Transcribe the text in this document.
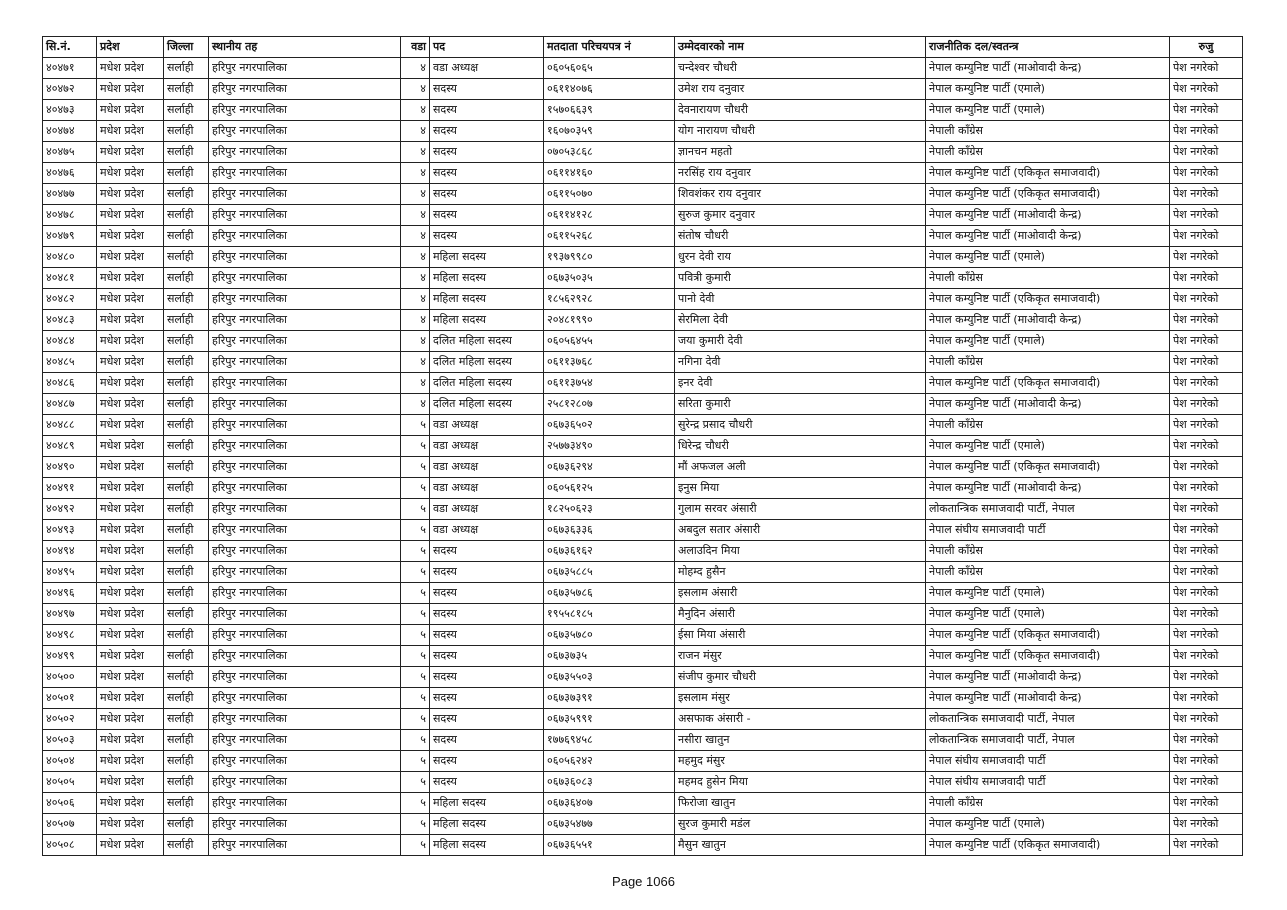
सि.नं.	प्रदेश	जिल्ला	स्थानीय तह	वडा	पद	मतदाता परिचयपत्र नं	उम्मेदवारको नाम	राजनीतिक दल/स्वतन्त्र	रुजु
४०४७१	मधेश प्रदेश	सर्लाही	हरिपुर नगरपालिका	४	वडा अध्यक्ष	०६०५६०६५	चन्देश्वर चौधरी	नेपाल कम्युनिष्ट पार्टी (माओवादी केन्द्र)	पेश नगरेको
४०४७२	मधेश प्रदेश	सर्लाही	हरिपुर नगरपालिका	४	सदस्य	०६११४०७६	उमेश राय दनुवार	नेपाल कम्युनिष्ट पार्टी (एमाले)	पेश नगरेको
४०४७३	मधेश प्रदेश	सर्लाही	हरिपुर नगरपालिका	४	सदस्य	१५७०६६३९	देवनारायण चौधरी	नेपाल कम्युनिष्ट पार्टी (एमाले)	पेश नगरेको
४०४७४	मधेश प्रदेश	सर्लाही	हरिपुर नगरपालिका	४	सदस्य	१६०७०३५९	योग नारायण चौधरी	नेपाली काँग्रेस	पेश नगरेको
४०४७५	मधेश प्रदेश	सर्लाही	हरिपुर नगरपालिका	४	सदस्य	०७०५३८६८	ज्ञानचन महतो	नेपाली काँग्रेस	पेश नगरेको
४०४७६	मधेश प्रदेश	सर्लाही	हरिपुर नगरपालिका	४	सदस्य	०६११४१६०	नरसिंह राय दनुवार	नेपाल कम्युनिष्ट पार्टी (एकिकृत समाजवादी)	पेश नगरेको
४०४७७	मधेश प्रदेश	सर्लाही	हरिपुर नगरपालिका	४	सदस्य	०६११५०७०	शिवशंकर राय दनुवार	नेपाल कम्युनिष्ट पार्टी (एकिकृत समाजवादी)	पेश नगरेको
४०४७८	मधेश प्रदेश	सर्लाही	हरिपुर नगरपालिका	४	सदस्य	०६११४१२८	सुरुज कुमार दनुवार	नेपाल कम्युनिष्ट पार्टी (माओवादी केन्द्र)	पेश नगरेको
४०४७९	मधेश प्रदेश	सर्लाही	हरिपुर नगरपालिका	४	सदस्य	०६११५२६८	संतोष चौधरी	नेपाल कम्युनिष्ट पार्टी (माओवादी केन्द्र)	पेश नगरेको
४०४८०	मधेश प्रदेश	सर्लाही	हरिपुर नगरपालिका	४	महिला सदस्य	१९३७९९८०	धुरन देवी राय	नेपाल कम्युनिष्ट पार्टी (एमाले)	पेश नगरेको
४०४८१	मधेश प्रदेश	सर्लाही	हरिपुर नगरपालिका	४	महिला सदस्य	०६७३५०३५	पवित्री कुमारी	नेपाली काँग्रेस	पेश नगरेको
४०४८२	मधेश प्रदेश	सर्लाही	हरिपुर नगरपालिका	४	महिला सदस्य	१८५६२९२८	पानो देवी	नेपाल कम्युनिष्ट पार्टी (एकिकृत समाजवादी)	पेश नगरेको
४०४८३	मधेश प्रदेश	सर्लाही	हरिपुर नगरपालिका	४	महिला सदस्य	२०४८१९९०	सेरमिला देवी	नेपाल कम्युनिष्ट पार्टी (माओवादी केन्द्र)	पेश नगरेको
४०४८४	मधेश प्रदेश	सर्लाही	हरिपुर नगरपालिका	४	दलित महिला सदस्य	०६०५६४५५	जया कुमारी देवी	नेपाल कम्युनिष्ट पार्टी (एमाले)	पेश नगरेको
४०४८५	मधेश प्रदेश	सर्लाही	हरिपुर नगरपालिका	४	दलित महिला सदस्य	०६११३७६८	नगिना देवी	नेपाली काँग्रेस	पेश नगरेको
४०४८६	मधेश प्रदेश	सर्लाही	हरिपुर नगरपालिका	४	दलित महिला सदस्य	०६११३७५४	इनर देवी	नेपाल कम्युनिष्ट पार्टी (एकिकृत समाजवादी)	पेश नगरेको
४०४८७	मधेश प्रदेश	सर्लाही	हरिपुर नगरपालिका	४	दलित महिला सदस्य	२५८१२८०७	सरिता कुमारी	नेपाल कम्युनिष्ट पार्टी (माओवादी केन्द्र)	पेश नगरेको
४०४८८	मधेश प्रदेश	सर्लाही	हरिपुर नगरपालिका	५	वडा अध्यक्ष	०६७३६५०२	सुरेन्द्र प्रसाद चौधरी	नेपाली काँग्रेस	पेश नगरेको
४०४८९	मधेश प्रदेश	सर्लाही	हरिपुर नगरपालिका	५	वडा अध्यक्ष	२५७७३४९०	धिरेन्द्र चौधरी	नेपाल कम्युनिष्ट पार्टी (एमाले)	पेश नगरेको
४०४९०	मधेश प्रदेश	सर्लाही	हरिपुर नगरपालिका	५	वडा अध्यक्ष	०६७३६२९४	मौं अफजल अली	नेपाल कम्युनिष्ट पार्टी (एकिकृत समाजवादी)	पेश नगरेको
४०४९१	मधेश प्रदेश	सर्लाही	हरिपुर नगरपालिका	५	वडा अध्यक्ष	०६०५६१२५	इनुस मिया	नेपाल कम्युनिष्ट पार्टी (माओवादी केन्द्र)	पेश नगरेको
४०४९२	मधेश प्रदेश	सर्लाही	हरिपुर नगरपालिका	५	वडा अध्यक्ष	१८२५०६२३	गुलाम सरवर अंसारी	लोकतान्त्रिक समाजवादी पार्टी, नेपाल	पेश नगरेको
४०४९३	मधेश प्रदेश	सर्लाही	हरिपुर नगरपालिका	५	वडा अध्यक्ष	०६७३६३३६	अबदुल सतार अंसारी	नेपाल संघीय समाजवादी पार्टी	पेश नगरेको
४०४९४	मधेश प्रदेश	सर्लाही	हरिपुर नगरपालिका	५	सदस्य	०६७३६१६२	अलाउदिन मिया	नेपाली काँग्रेस	पेश नगरेको
४०४९५	मधेश प्रदेश	सर्लाही	हरिपुर नगरपालिका	५	सदस्य	०६७३५८८५	मोहम्द हुसैन	नेपाली काँग्रेस	पेश नगरेको
४०४९६	मधेश प्रदेश	सर्लाही	हरिपुर नगरपालिका	५	सदस्य	०६७३५७८६	इसलाम अंसारी	नेपाल कम्युनिष्ट पार्टी (एमाले)	पेश नगरेको
४०४९७	मधेश प्रदेश	सर्लाही	हरिपुर नगरपालिका	५	सदस्य	१९५५८१८५	मैनुदिन अंसारी	नेपाल कम्युनिष्ट पार्टी (एमाले)	पेश नगरेको
४०४९८	मधेश प्रदेश	सर्लाही	हरिपुर नगरपालिका	५	सदस्य	०६७३५७८०	ईसा मिया अंसारी	नेपाल कम्युनिष्ट पार्टी (एकिकृत समाजवादी)	पेश नगरेको
४०४९९	मधेश प्रदेश	सर्लाही	हरिपुर नगरपालिका	५	सदस्य	०६७३७३५	राजन मंसुर	नेपाल कम्युनिष्ट पार्टी (एकिकृत समाजवादी)	पेश नगरेको
४०५००	मधेश प्रदेश	सर्लाही	हरिपुर नगरपालिका	५	सदस्य	०६७३५५०३	संजीप कुमार चौधरी	नेपाल कम्युनिष्ट पार्टी (माओवादी केन्द्र)	पेश नगरेको
४०५०१	मधेश प्रदेश	सर्लाही	हरिपुर नगरपालिका	५	सदस्य	०६७३७३९१	इसलाम मंसुर	नेपाल कम्युनिष्ट पार्टी (माओवादी केन्द्र)	पेश नगरेको
४०५०२	मधेश प्रदेश	सर्लाही	हरिपुर नगरपालिका	५	सदस्य	०६७३५९९१	असफाक अंसारी -	लोकतान्त्रिक समाजवादी पार्टी, नेपाल	पेश नगरेको
४०५०३	मधेश प्रदेश	सर्लाही	हरिपुर नगरपालिका	५	सदस्य	१७७६९४५८	नसीरा खातुन	लोकतान्त्रिक समाजवादी पार्टी, नेपाल	पेश नगरेको
४०५०४	मधेश प्रदेश	सर्लाही	हरिपुर नगरपालिका	५	सदस्य	०६०५६२४२	महमुद मंसुर	नेपाल संघीय समाजवादी पार्टी	पेश नगरेको
४०५०५	मधेश प्रदेश	सर्लाही	हरिपुर नगरपालिका	५	सदस्य	०६७३६०८३	महमद हुसेन मिया	नेपाल संघीय समाजवादी पार्टी	पेश नगरेको
४०५०६	मधेश प्रदेश	सर्लाही	हरिपुर नगरपालिका	५	महिला सदस्य	०६७३६४०७	फिरोजा खातुन	नेपाली काँग्रेस	पेश नगरेको
४०५०७	मधेश प्रदेश	सर्लाही	हरिपुर नगरपालिका	५	महिला सदस्य	०६७३५४७७	सुरज कुमारी मडंल	नेपाल कम्युनिष्ट पार्टी (एमाले)	पेश नगरेको
४०५०८	मधेश प्रदेश	सर्लाही	हरिपुर नगरपालिका	५	महिला सदस्य	०६७३६५५१	मैसुन खातुन	नेपाल कम्युनिष्ट पार्टी (एकिकृत समाजवादी)	पेश नगरेको
Page 1066
